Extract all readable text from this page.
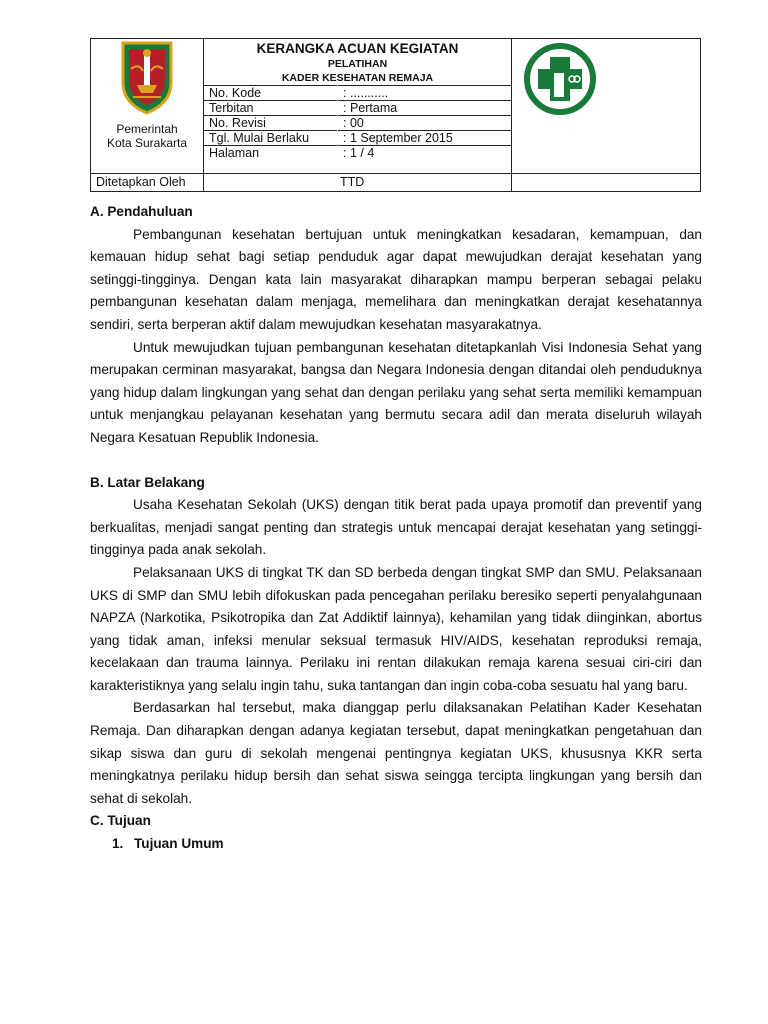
Pemerintah
Kota Surakarta

KERANGKA ACUAN KEGIATAN
PELATIHAN
KADER KESEHATAN REMAJA
No. Kode	: ...........
Terbitan	: Pertama
No. Revisi	: 00
Tgl. Mulai Berlaku	: 1 September 2015
Halaman	: 1 / 4

Ditetapkan Oleh	TTD	
A. Pendahuluan

Pembangunan kesehatan bertujuan untuk meningkatkan kesadaran, kemampuan, dan kemauan hidup sehat bagi setiap penduduk agar dapat mewujudkan derajat kesehatan yang setinggi-tingginya. Dengan kata lain masyarakat diharapkan mampu berperan sebagai pelaku pembangunan kesehatan dalam menjaga, memelihara dan meningkatkan derajat kesehatannya sendiri, serta berperan aktif dalam mewujudkan kesehatan masyarakatnya.

Untuk mewujudkan tujuan pembangunan kesehatan ditetapkanlah Visi Indonesia Sehat yang merupakan cerminan masyarakat, bangsa dan Negara Indonesia dengan ditandai oleh penduduknya yang hidup dalam lingkungan yang sehat dan dengan perilaku yang sehat serta memiliki kemampuan untuk menjangkau pelayanan kesehatan yang bermutu secara adil dan merata diseluruh wilayah Negara Kesatuan Republik Indonesia.

B. Latar Belakang

Usaha Kesehatan Sekolah (UKS) dengan titik berat pada upaya promotif dan preventif yang berkualitas, menjadi sangat penting dan strategis untuk mencapai derajat kesehatan yang setinggi-tingginya pada anak sekolah.

Pelaksanaan UKS di tingkat TK dan SD berbeda dengan tingkat SMP dan SMU. Pelaksanaan UKS di SMP dan SMU lebih difokuskan pada pencegahan perilaku beresiko seperti penyalahgunaan NAPZA (Narkotika, Psikotropika dan Zat Addiktif lainnya), kehamilan yang tidak diinginkan, abortus yang tidak aman, infeksi menular seksual termasuk HIV/AIDS, kesehatan reproduksi remaja, kecelakaan dan trauma lainnya. Perilaku ini rentan dilakukan remaja karena sesuai ciri-ciri dan karakteristiknya yang selalu ingin tahu, suka tantangan dan ingin coba-coba sesuatu hal yang baru.

Berdasarkan hal tersebut, maka dianggap perlu dilaksanakan Pelatihan Kader Kesehatan Remaja. Dan diharapkan dengan adanya kegiatan tersebut, dapat meningkatkan pengetahuan dan sikap siswa dan guru di sekolah mengenai pentingnya kegiatan UKS, khususnya KKR serta meningkatnya perilaku hidup bersih dan sehat siswa seingga tercipta lingkungan yang bersih dan sehat di sekolah.

C. Tujuan
1. Tujuan Umum
